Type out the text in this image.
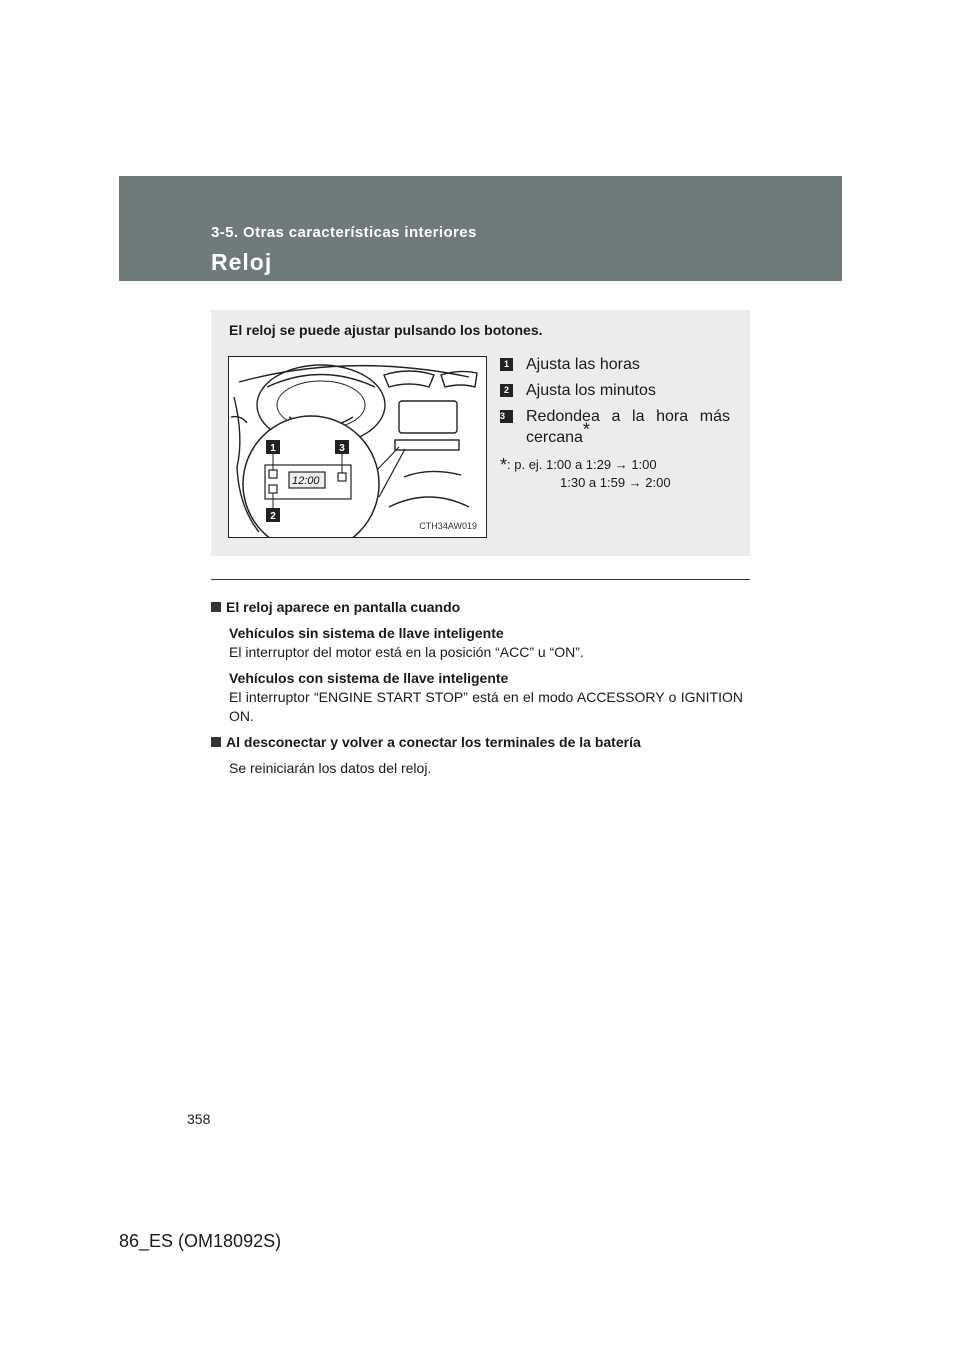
3-5. Otras características interiores
Reloj
El reloj se puede ajustar pulsando los botones.
12:00
1
2
3
CTH34AW019
1 Ajusta las horas
2 Ajusta los minutos
3	Redondea a la hora más cercana*
*: p. ej. 1:00 a 1:29 → 1:00
1:30 a 1:59 → 2:00
El reloj aparece en pantalla cuando
Vehículos sin sistema de llave inteligente
El interruptor del motor está en la posición “ACC” u “ON”.
Vehículos con sistema de llave inteligente
El interruptor “ENGINE START STOP” está en el modo ACCESSORY o IGNITION ON.
Al desconectar y volver a conectar los terminales de la batería
Se reiniciarán los datos del reloj.
358
86_ES (OM18092S)
